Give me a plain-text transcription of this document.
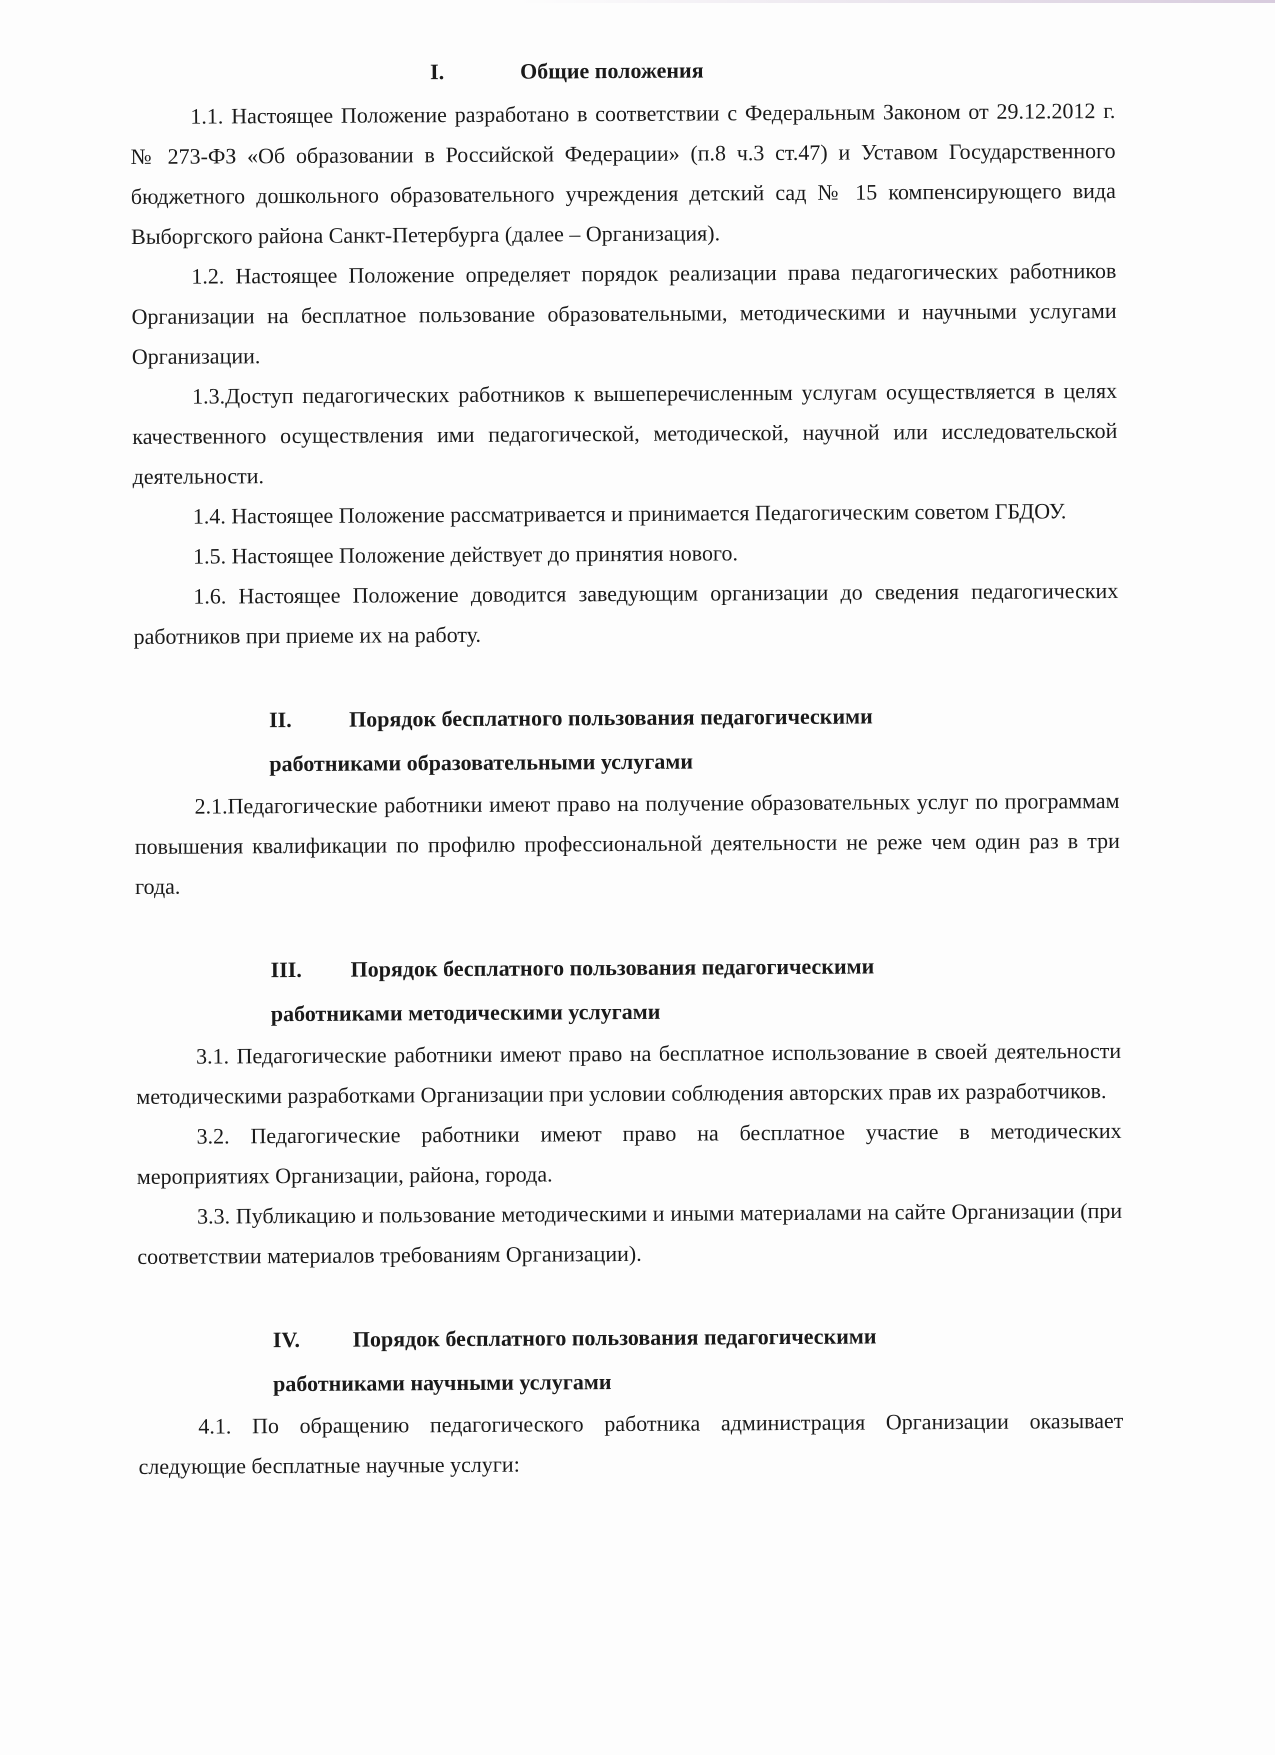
I.	Общие положения

1.1. Настоящее Положение разработано в соответствии с Федеральным Законом от 29.12.2012 г. № 273-ФЗ «Об образовании в Российской Федерации» (п.8 ч.3 ст.47) и Уставом Государственного бюджетного дошкольного образовательного учреждения детский сад № 15 компенсирующего вида Выборгского района Санкт-Петербурга (далее – Организация).

1.2. Настоящее Положение определяет порядок реализации права педагогических работников Организации на бесплатное пользование образовательными, методическими и научными услугами Организации.

1.3.Доступ педагогических работников к вышеперечисленным услугам осуществляется в целях качественного осуществления ими педагогической, методической, научной или исследовательской деятельности.

1.4. Настоящее Положение рассматривается и принимается Педагогическим советом ГБДОУ.

1.5. Настоящее Положение действует до принятия нового.

1.6. Настоящее Положение доводится заведующим организации до сведения педагогических работников при приеме их на работу.

II.	Порядок бесплатного пользования педагогическими
работниками образовательными услугами

2.1.Педагогические работники имеют право на получение образовательных услуг по программам повышения квалификации по профилю профессиональной деятельности не реже чем один раз в три года.

III.	Порядок бесплатного пользования педагогическими
работниками методическими услугами

3.1. Педагогические работники имеют право на бесплатное использование в своей деятельности методическими разработками Организации при условии соблюдения авторских прав их разработчиков.

3.2. Педагогические работники имеют право на бесплатное участие в методических мероприятиях Организации, района, города.

3.3. Публикацию и пользование методическими и иными материалами на сайте Организации (при соответствии материалов требованиям Организации).

IV.	Порядок бесплатного пользования педагогическими
работниками научными услугами

4.1. По обращению педагогического работника администрация Организации оказывает следующие бесплатные научные услуги:
